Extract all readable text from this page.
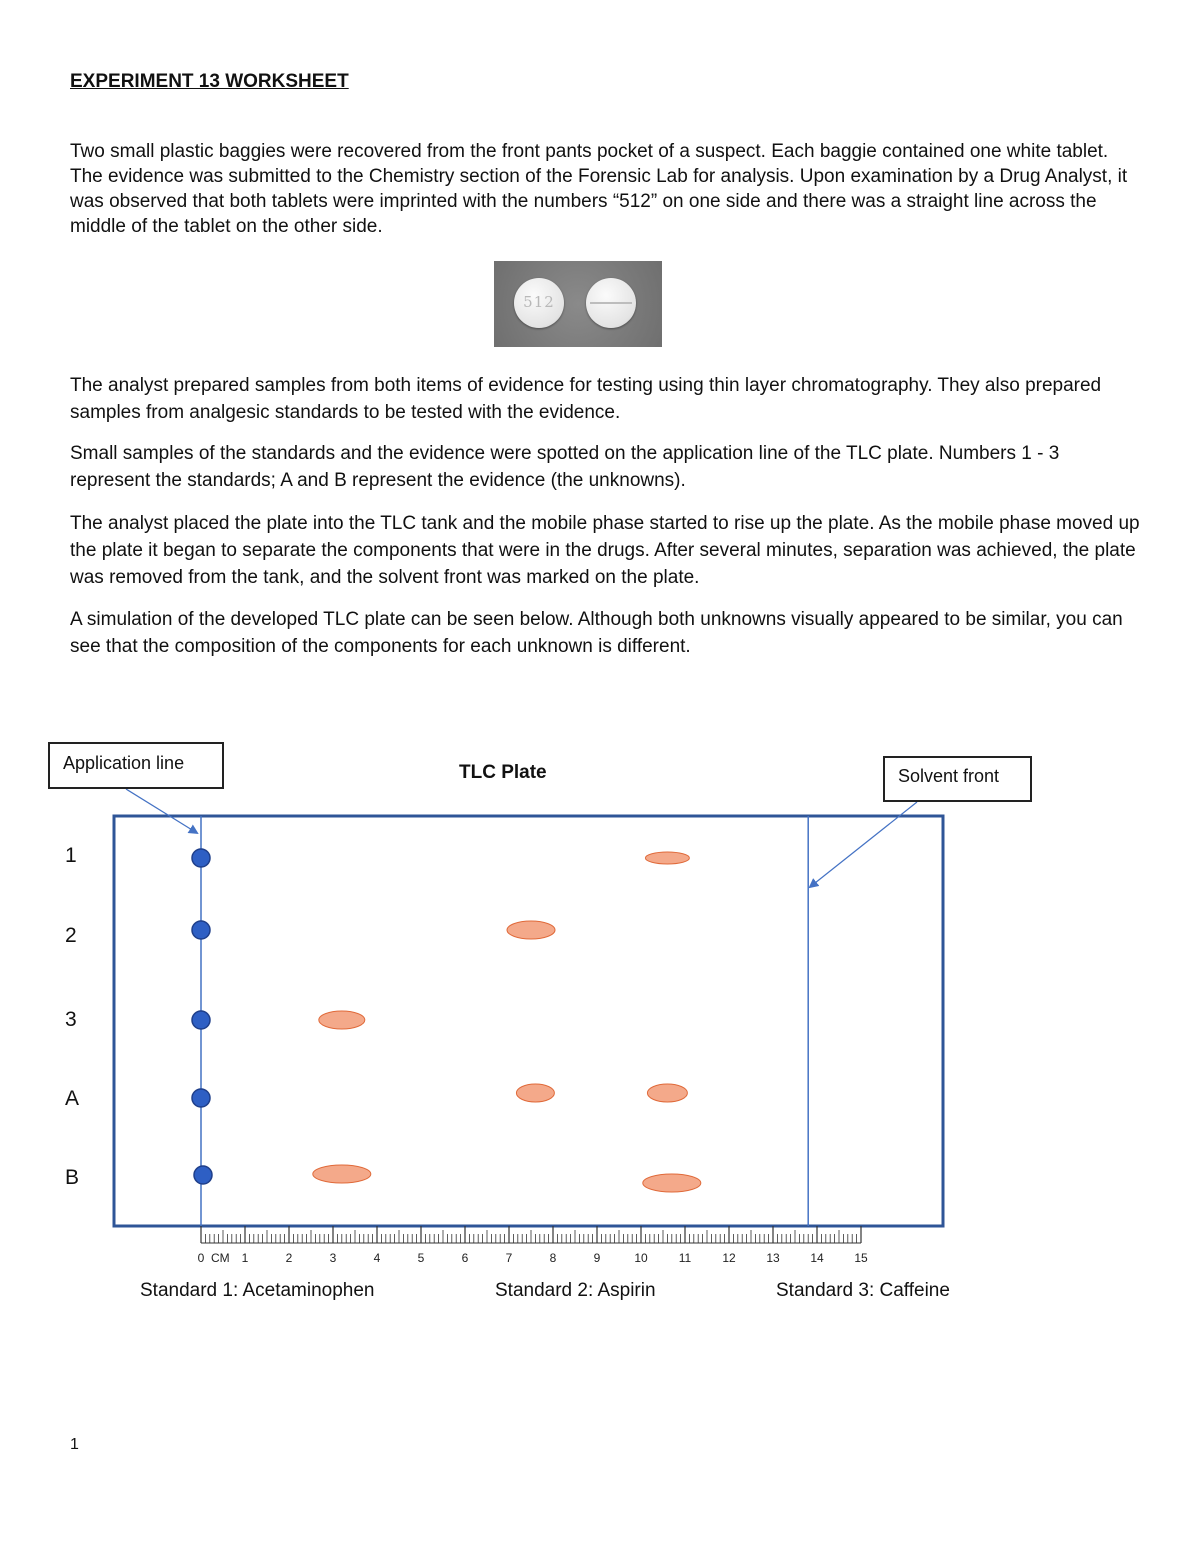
EXPERIMENT 13 WORKSHEET

Two small plastic baggies were recovered from the front pants pocket of a suspect. Each baggie contained one white tablet. The evidence was submitted to the Chemistry section of the Forensic Lab for analysis. Upon examination by a Drug Analyst, it was observed that both tablets were imprinted with the numbers “512” on one side and there was a straight line across the middle of the tablet on the other side.

512

The analyst prepared samples from both items of evidence for testing using thin layer chromatography. They also prepared samples from analgesic standards to be tested with the evidence.

Small samples of the standards and the evidence were spotted on the application line of the TLC plate. Numbers 1 - 3 represent the standards; A and B represent the evidence (the unknowns).

The analyst placed the plate into the TLC tank and the mobile phase started to rise up the plate. As the mobile phase moved up the plate it began to separate the components that were in the drugs. After several minutes, separation was achieved, the plate was removed from the tank, and the solvent front was marked on the plate.

A simulation of the developed TLC plate can be seen below. Although both unknowns visually appeared to be similar, you can see that the composition of the components for each unknown is different.

0	1	2	3	4	5	6	7	8	9	10	11	12	13	14	15
CM
Application line
Solvent front
TLC Plate
1
2
3
A
B
Standard 1: Acetaminophen	Standard 2: Aspirin	Standard 3: Caffeine
1
